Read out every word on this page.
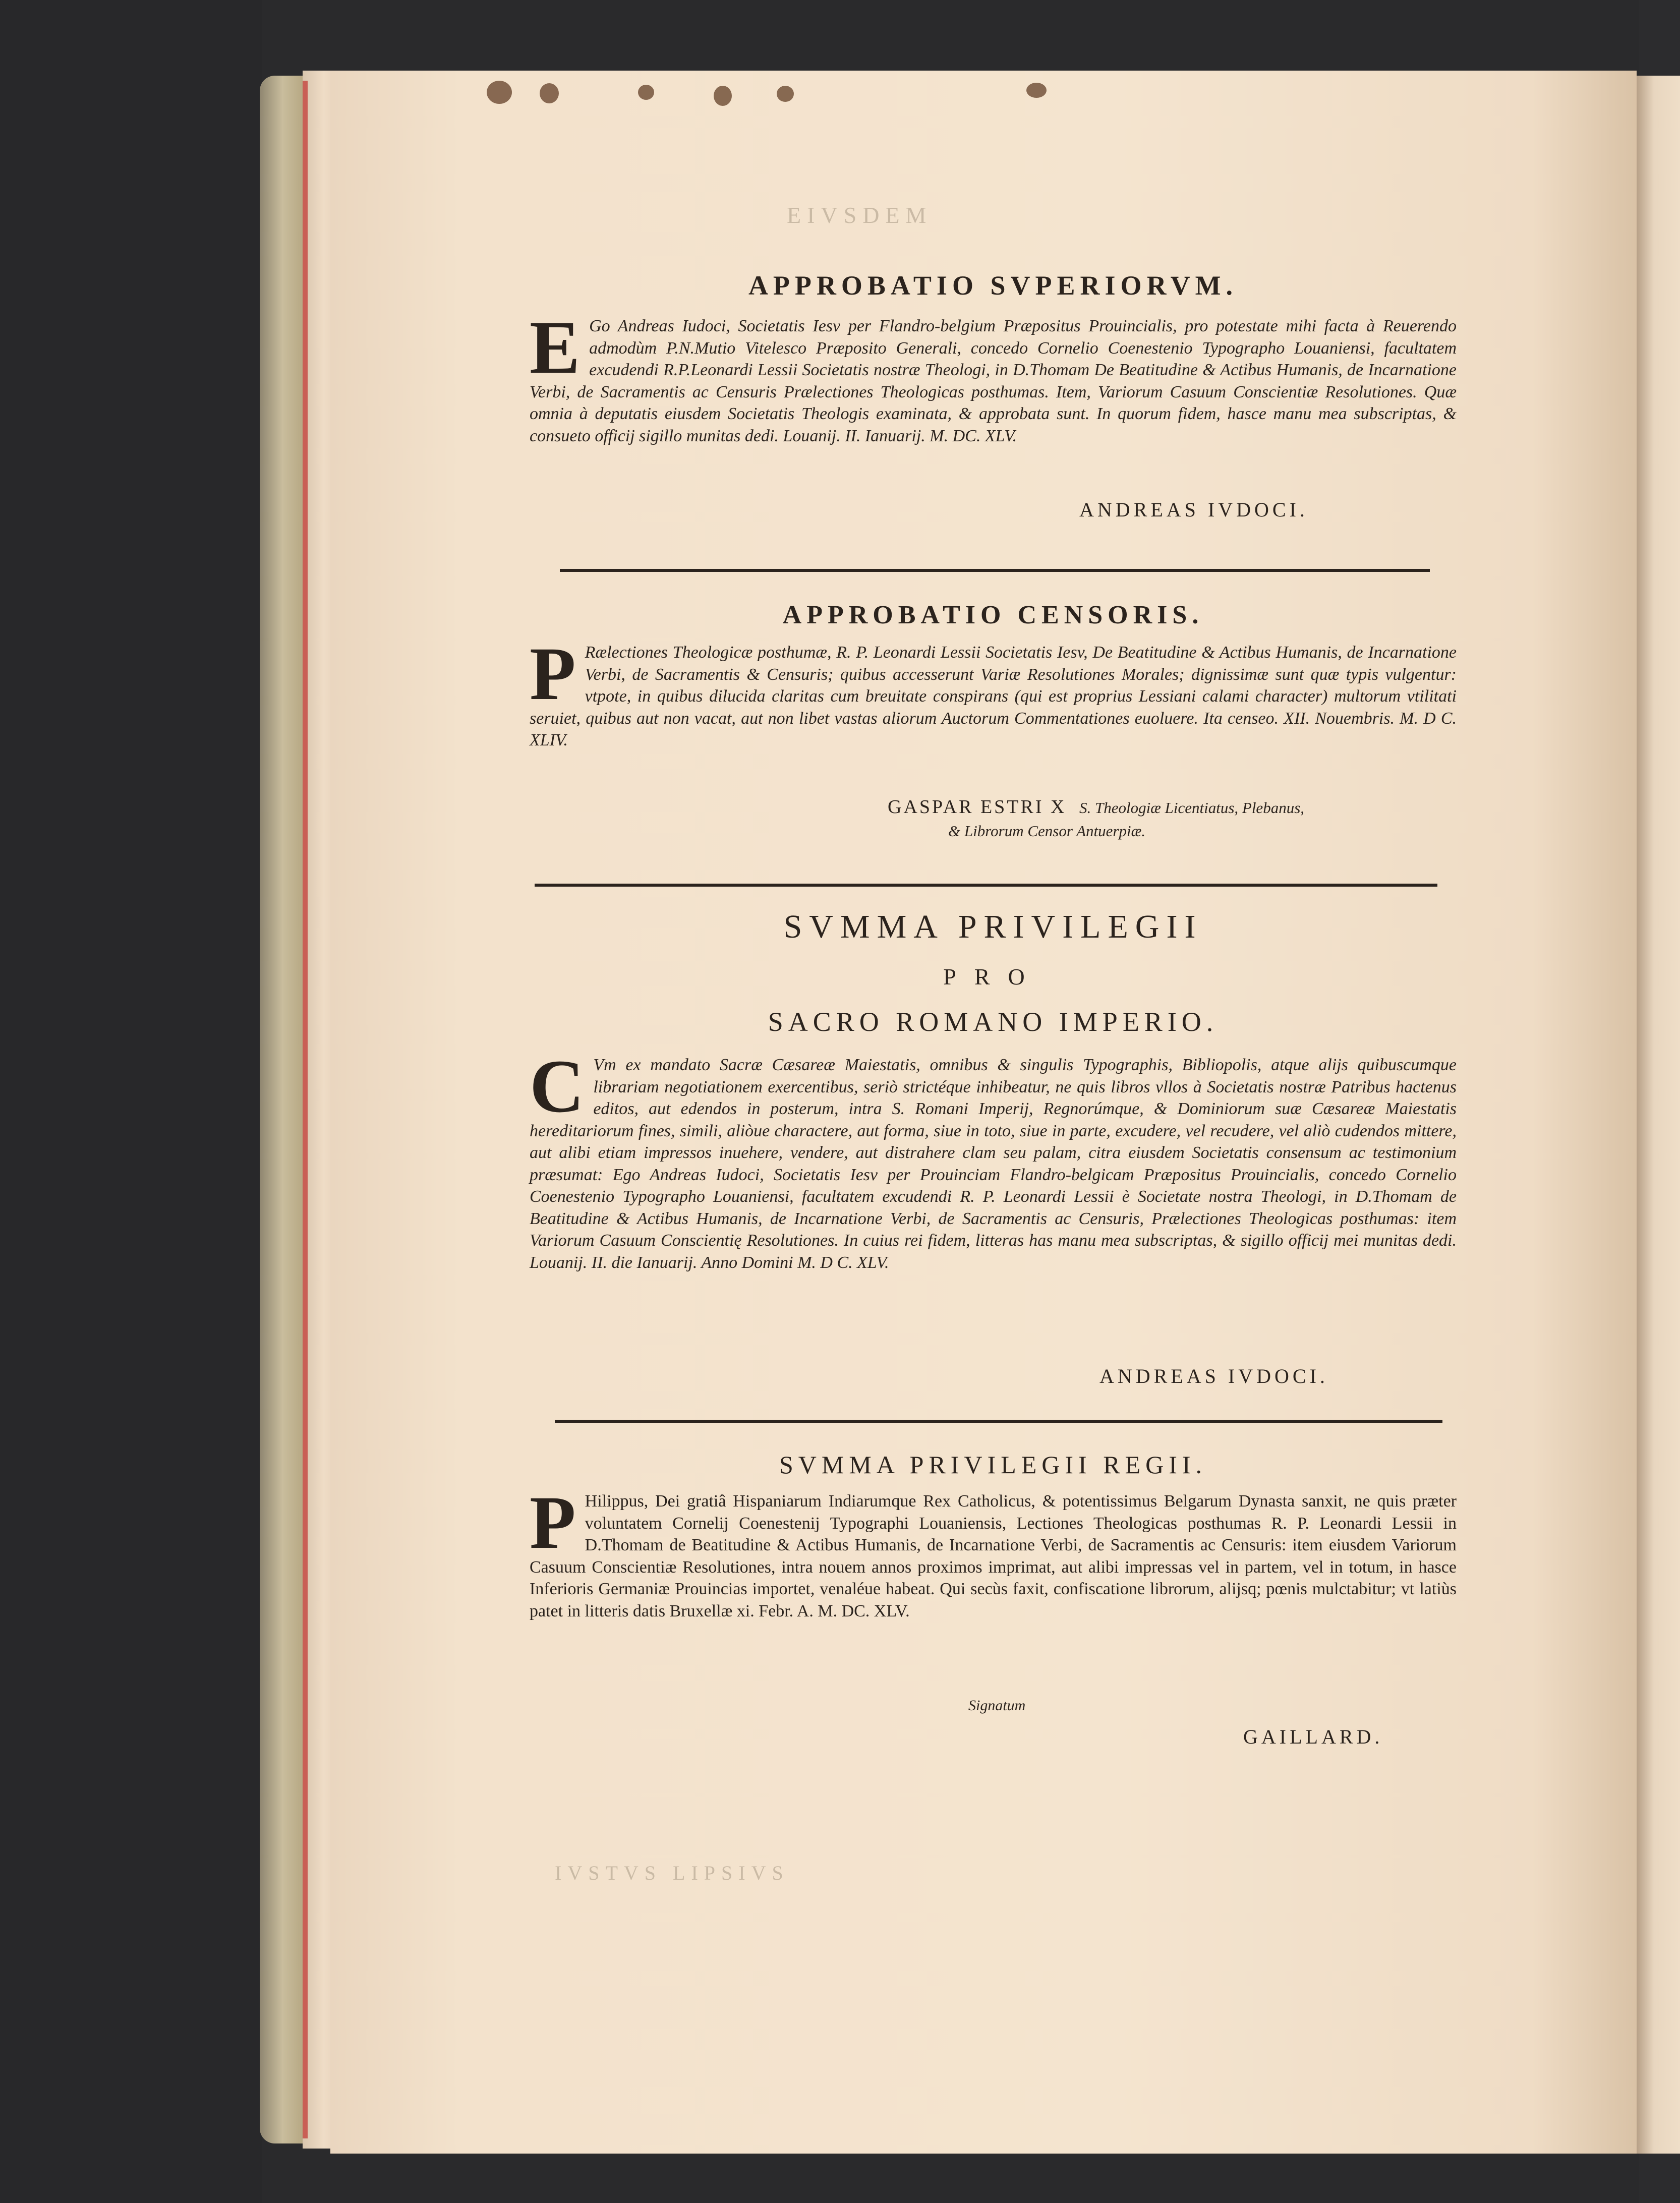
EIVSDEM
IVSTVS LIPSIVS
APPROBATIO SVPERIORVM.
E Go Andreas Iudoci, Societatis Iesv per Flandro-belgium Præpositus Prouincialis, pro potestate mihi facta à Reuerendo admodùm P.N.Mutio Vitelesco Præposito Generali, concedo Cornelio Coenestenio Typographo Louaniensi, facultatem excudendi R.P.Leonardi Lessii Societatis nostræ Theologi, in D.Thomam De Beatitudine & Actibus Humanis, de Incarnatione Verbi, de Sacramentis ac Censuris Prælectiones Theologicas posthumas. Item, Variorum Casuum Conscientiæ Resolutiones. Quæ omnia à deputatis eiusdem Societatis Theologis examinata, & approbata sunt. In quorum fidem, hasce manu mea subscriptas, & consueto officij sigillo munitas dedi. Louanij. II. Ianuarij. M. DC. XLV.
ANDREAS IVDOCI.
APPROBATIO CENSORIS.
P Rælectiones Theologicæ posthumæ, R. P. Leonardi Lessii Societatis Iesv, De Beatitudine & Actibus Humanis, de Incarnatione Verbi, de Sacramentis & Censuris; quibus accesserunt Variæ Resolutiones Morales; dignissimæ sunt quæ typis vulgentur: vtpote, in quibus dilucida claritas cum breuitate conspirans (qui est proprius Lessiani calami character) multorum vtilitati seruiet, quibus aut non vacat, aut non libet vastas aliorum Auctorum Commentationes euoluere. Ita censeo. XII. Nouembris. M. D C. XLIV.
GASPAR ESTRI X S. Theologiæ Licentiatus, Plebanus,
& Librorum Censor Antuerpiæ.
SVMMA PRIVILEGII
PRO
SACRO ROMANO IMPERIO.
C Vm ex mandato Sacræ Cæsareæ Maiestatis, omnibus & singulis Typographis, Bibliopolis, atque alijs quibuscumque librariam negotiationem exercentibus, seriò strictéque inhibeatur, ne quis libros vllos à Societatis nostræ Patribus hactenus editos, aut edendos in posterum, intra S. Romani Imperij, Regnorúmque, & Dominiorum suæ Cæsareæ Maiestatis hereditariorum fines, simili, aliòue charactere, aut forma, siue in toto, siue in parte, excudere, vel recudere, vel aliò cudendos mittere, aut alibi etiam impressos inuehere, vendere, aut distrahere clam seu palam, citra eiusdem Societatis consensum ac testimonium præsumat: Ego Andreas Iudoci, Societatis Iesv per Prouinciam Flandro-belgicam Præpositus Prouincialis, concedo Cornelio Coenestenio Typographo Louaniensi, facultatem excudendi R. P. Leonardi Lessii è Societate nostra Theologi, in D.Thomam de Beatitudine & Actibus Humanis, de Incarnatione Verbi, de Sacramentis ac Censuris, Prælectiones Theologicas posthumas: item Variorum Casuum Conscientię Resolutiones. In cuius rei fidem, litteras has manu mea subscriptas, & sigillo officij mei munitas dedi. Louanij. II. die Ianuarij. Anno Domini M. D C. XLV.
ANDREAS IVDOCI.
SVMMA PRIVILEGII REGII.
P Hilippus, Dei gratiâ Hispaniarum Indiarumque Rex Catholicus, & potentissimus Belgarum Dynasta sanxit, ne quis præter voluntatem Cornelij Coenestenij Typographi Louaniensis, Lectiones Theologicas posthumas R. P. Leonardi Lessii in D.Thomam de Beatitudine & Actibus Humanis, de Incarnatione Verbi, de Sacramentis ac Censuris: item eiusdem Variorum Casuum Conscientiæ Resolutiones, intra nouem annos proximos imprimat, aut alibi impressas vel in partem, vel in totum, in hasce Inferioris Germaniæ Prouincias importet, venaléue habeat. Qui secùs faxit, confiscatione librorum, alijsq; pœnis mulctabitur; vt latiùs patet in litteris datis Bruxellæ xi. Febr. A. M. DC. XLV.
Signatum
GAILLARD.
